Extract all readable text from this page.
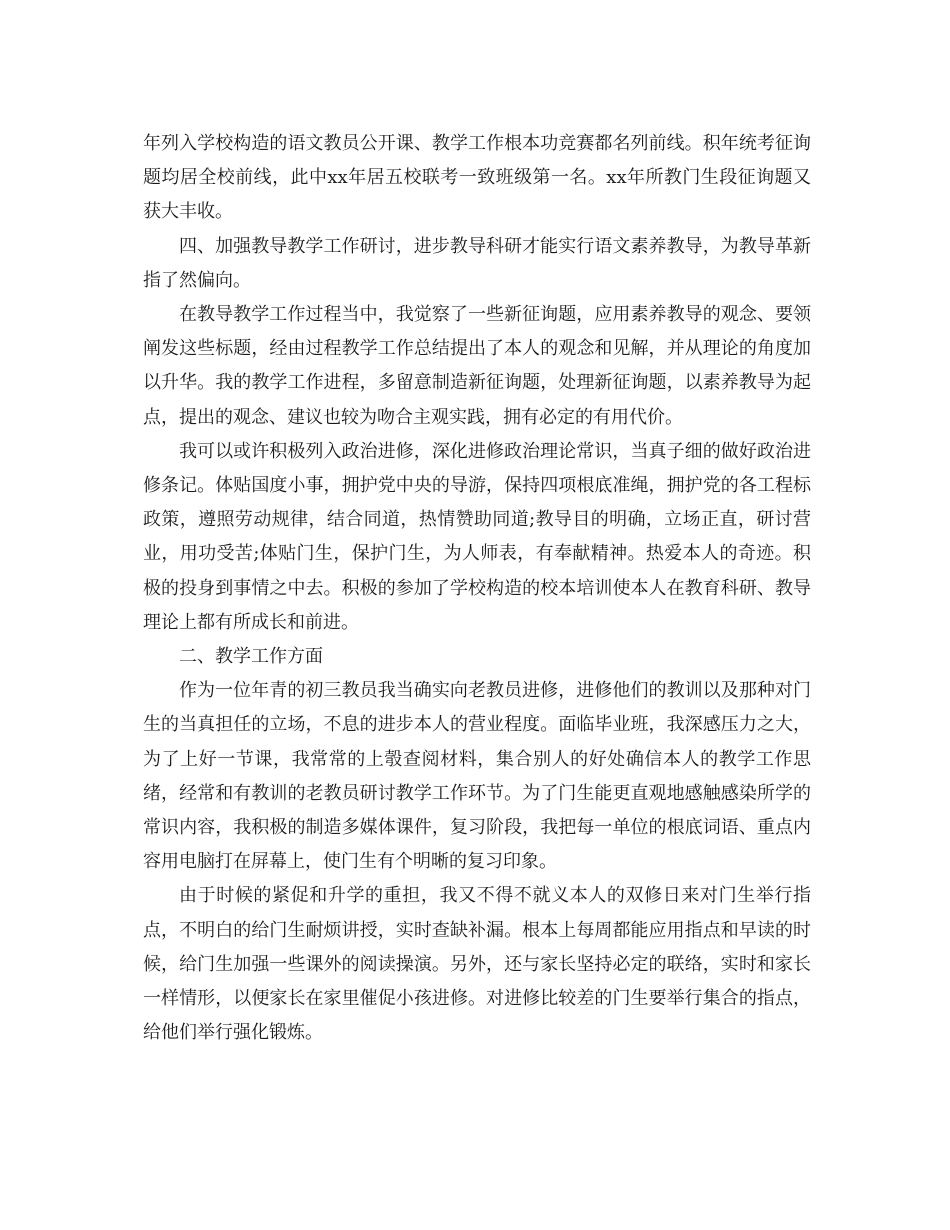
年列入学校构造的语文教员公开课、教学工作根本功竞赛都名列前线。积年统考征询题均居全校前线，此中xx年居五校联考一致班级第一名。xx年所教门生段征询题又获大丰收。

四、加强教导教学工作研讨，进步教导科研才能实行语文素养教导，为教导革新指了然偏向。

在教导教学工作过程当中，我觉察了一些新征询题，应用素养教导的观念、要领阐发这些标题，经由过程教学工作总结提出了本人的观念和见解，并从理论的角度加以升华。我的教学工作进程，多留意制造新征询题，处理新征询题，以素养教导为起点，提出的观念、建议也较为吻合主观实践，拥有必定的有用代价。

我可以或许积极列入政治进修，深化进修政治理论常识，当真子细的做好政治进修条记。体贴国度小事，拥护党中央的导游，保持四项根底准绳，拥护党的各工程标政策，遵照劳动规律，结合同道，热情赞助同道;教导目的明确，立场正直，研讨营业，用功受苦;体贴门生，保护门生，为人师表，有奉献精神。热爱本人的奇迹。积极的投身到事情之中去。积极的参加了学校构造的校本培训使本人在教育科研、教导理论上都有所成长和前进。

二、教学工作方面

作为一位年青的初三教员我当确实向老教员进修，进修他们的教训以及那种对门生的当真担任的立场，不息的进步本人的营业程度。面临毕业班，我深感压力之大， 为了上好一节课，我常常的上彀查阅材料，集合别人的好处确信本人的教学工作思绪，经常和有教训的老教员研讨教学工作环节。为了门生能更直观地感触感染所学的常识内容，我积极的制造多媒体课件，复习阶段，我把每一单位的根底词语、重点内容用电脑打在屏幕上，使门生有个明晰的复习印象。

由于时候的紧促和升学的重担，我又不得不就义本人的双修日来对门生举行指点，不明白的给门生耐烦讲授，实时查缺补漏。根本上每周都能应用指点和早读的时候，给门生加强一些课外的阅读操演。另外，还与家长坚持必定的联络，实时和家长一样情形，以便家长在家里催促小孩进修。对进修比较差的门生要举行集合的指点，给他们举行强化锻炼。
